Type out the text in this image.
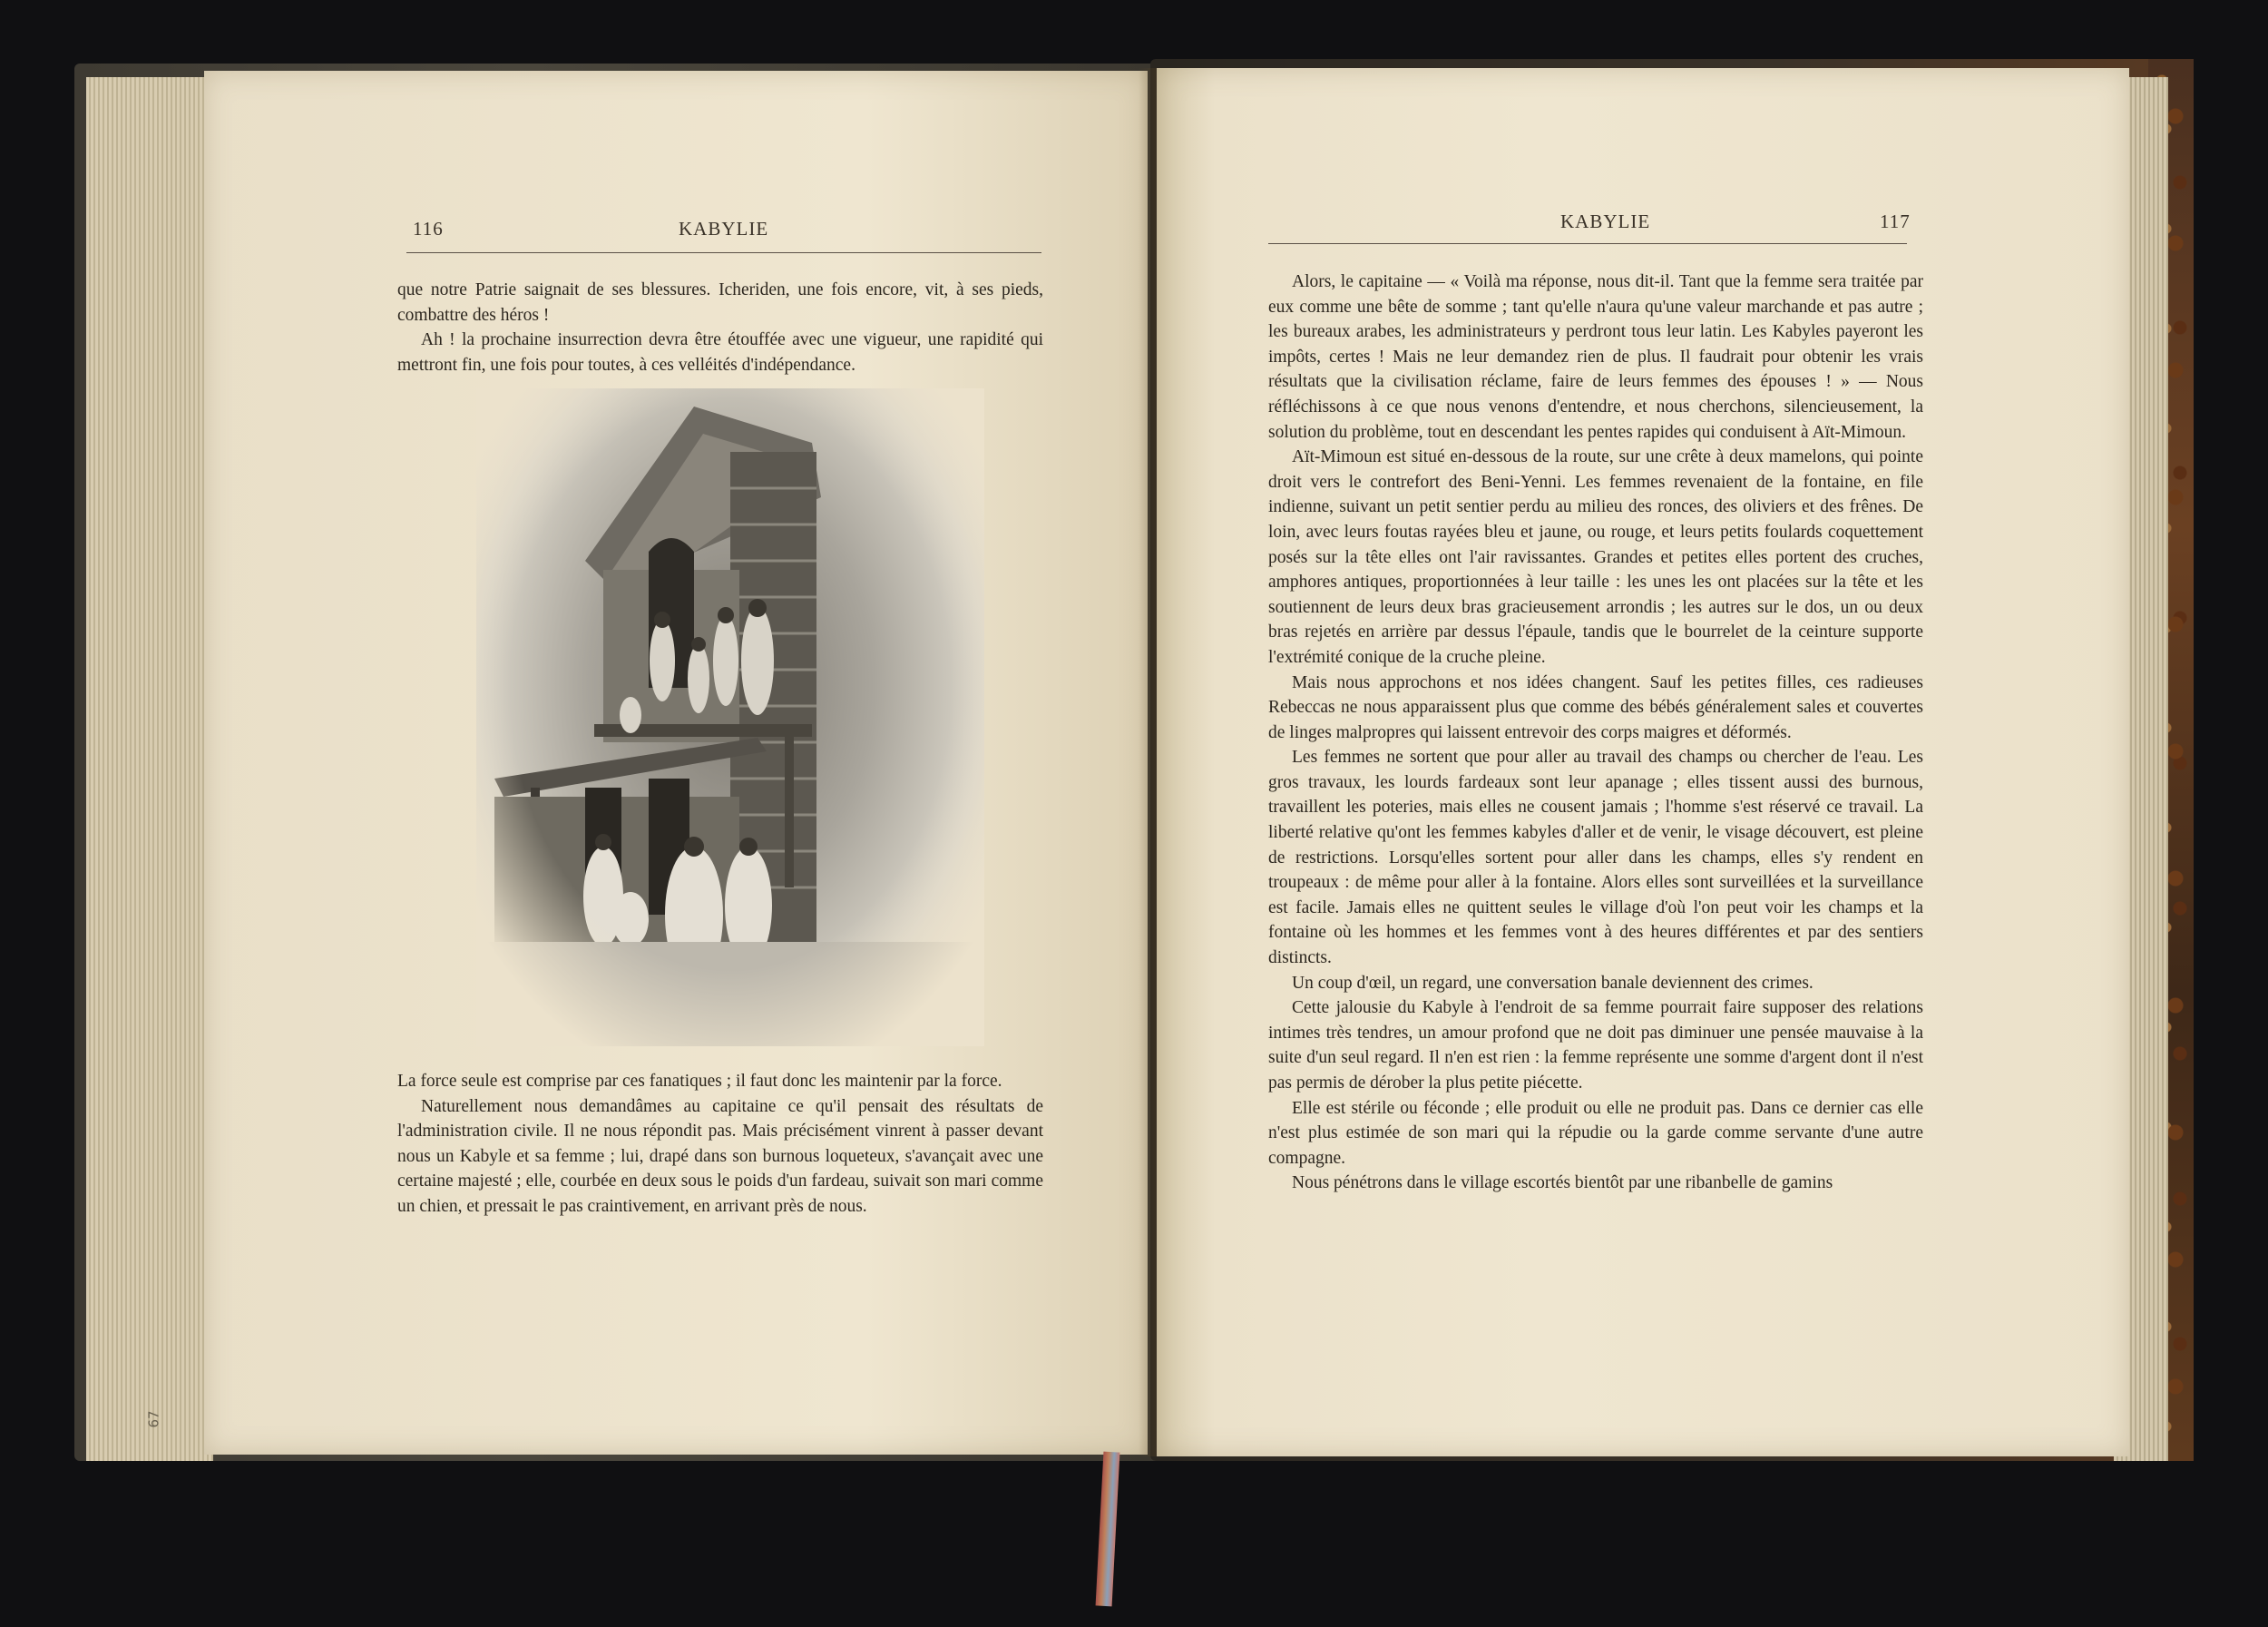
116	KABYLIE

que notre Patrie saignait de ses blessures. Icheriden, une fois encore, vit, à ses pieds, combattre des héros !

Ah ! la prochaine insurrection devra être étouffée avec une vigueur, une rapidité qui mettront fin, une fois pour toutes, à ces velléités d'indépendance.

La force seule est comprise par ces fanatiques ; il faut donc les maintenir par la force.

Naturellement nous demandâmes au capitaine ce qu'il pensait des résultats de l'administration civile. Il ne nous répondit pas. Mais précisément vinrent à passer devant nous un Kabyle et sa femme ; lui, drapé dans son burnous loqueteux, s'avançait avec une certaine majesté ; elle, courbée en deux sous le poids d'un fardeau, suivait son mari comme un chien, et pressait le pas craintivement, en arrivant près de nous.

67
KABYLIE	117

Alors, le capitaine — « Voilà ma réponse, nous dit-il. Tant que la femme sera traitée par eux comme une bête de somme ; tant qu'elle n'aura qu'une valeur marchande et pas autre ; les bureaux arabes, les administrateurs y perdront tous leur latin. Les Kabyles payeront les impôts, certes ! Mais ne leur demandez rien de plus. Il faudrait pour obtenir les vrais résultats que la civilisation réclame, faire de leurs femmes des épouses ! » — Nous réfléchissons à ce que nous venons d'entendre, et nous cherchons, silencieusement, la solution du problème, tout en descendant les pentes rapides qui conduisent à Aït-Mimoun.

Aït-Mimoun est situé en-dessous de la route, sur une crête à deux mamelons, qui pointe droit vers le contrefort des Beni-Yenni. Les femmes revenaient de la fontaine, en file indienne, suivant un petit sentier perdu au milieu des ronces, des oliviers et des frênes. De loin, avec leurs foutas rayées bleu et jaune, ou rouge, et leurs petits foulards coquettement posés sur la tête elles ont l'air ravissantes. Grandes et petites elles portent des cruches, amphores antiques, proportionnées à leur taille : les unes les ont placées sur la tête et les soutiennent de leurs deux bras gracieusement arrondis ; les autres sur le dos, un ou deux bras rejetés en arrière par dessus l'épaule, tandis que le bourrelet de la ceinture supporte l'extrémité conique de la cruche pleine.

Mais nous approchons et nos idées changent. Sauf les petites filles, ces radieuses Rebeccas ne nous apparaissent plus que comme des bébés généralement sales et couvertes de linges malpropres qui laissent entrevoir des corps maigres et déformés.

Les femmes ne sortent que pour aller au travail des champs ou chercher de l'eau. Les gros travaux, les lourds fardeaux sont leur apanage ; elles tissent aussi des burnous, travaillent les poteries, mais elles ne cousent jamais ; l'homme s'est réservé ce travail. La liberté relative qu'ont les femmes kabyles d'aller et de venir, le visage découvert, est pleine de restrictions. Lorsqu'elles sortent pour aller dans les champs, elles s'y rendent en troupeaux : de même pour aller à la fontaine. Alors elles sont surveillées et la surveillance est facile. Jamais elles ne quittent seules le village d'où l'on peut voir les champs et la fontaine où les hommes et les femmes vont à des heures différentes et par des sentiers distincts.

Un coup d'œil, un regard, une conversation banale deviennent des crimes.

Cette jalousie du Kabyle à l'endroit de sa femme pourrait faire supposer des relations intimes très tendres, un amour profond que ne doit pas diminuer une pensée mauvaise à la suite d'un seul regard. Il n'en est rien : la femme représente une somme d'argent dont il n'est pas permis de dérober la plus petite piécette.

Elle est stérile ou féconde ; elle produit ou elle ne produit pas. Dans ce dernier cas elle n'est plus estimée de son mari qui la répudie ou la garde comme servante d'une autre compagne.

Nous pénétrons dans le village escortés bientôt par une ribanbelle de gamins
